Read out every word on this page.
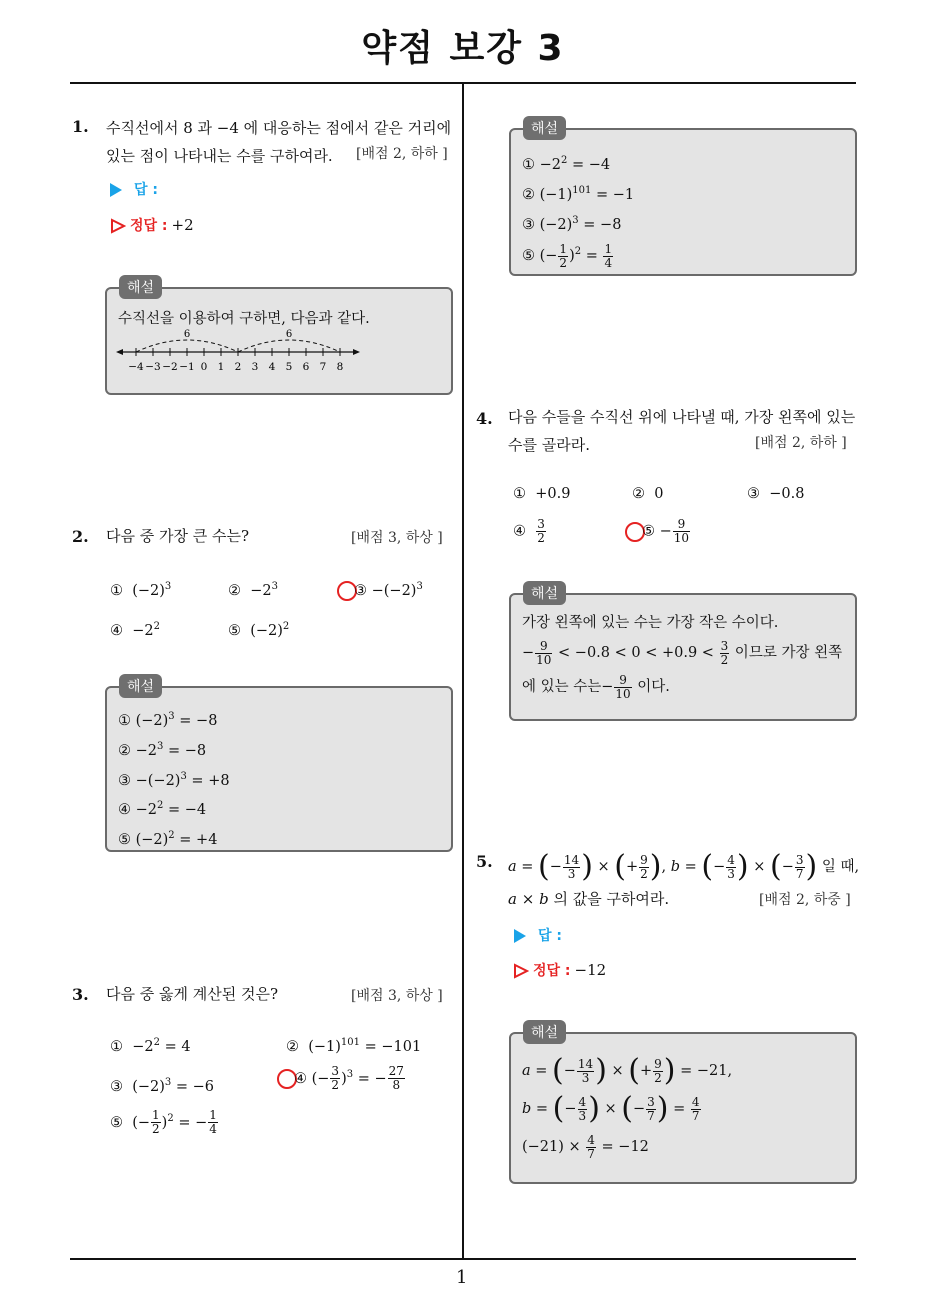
약점 보강 3
1. 수직선에서 8 과 −4 에 대응하는 점에서 같은 거리에
있는 점이 나타내는 수를 구하여라.	[배점 2, 하하 ]
답 :
정답 : +2
해설
수직선을 이용하여 구하면, 다음과 같다.
−4 −3 −2 −1 0 1 2 3 4 5 6 7 8
6	6
2. 다음 중 가장 큰 수는?	[배점 3, 하상 ]
①  $(-2)^3$	②  $-2^3$	③ $-(-2)^3$
④  $-2^2$	⑤  $(-2)^2$
해설
① $(-2)^3 = -8$
② $-2^3 = -8$
③ $-(-2)^3 = +8$
④ $-2^2 = -4$
⑤ $(-2)^2 = +4$
3. 다음 중 옳게 계산된 것은?	[배점 3, 하상 ]
①  $-2^2 = 4$	②  $(-1)^{101} = -101$
③  $(-2)^3 = -6$	④ (− $\frac{3}{2} )^3$ = − $\frac{27}{8}$
⑤  (− $\frac{1}{2} )^2$ = − $\frac{1}{4}$
해설
① $-2^2 = -4$
② $(-1)^{101} = -1$
③ $(-2)^3 = -8$
⑤ (− $\frac{1}{2} )^2 = \frac{1}{4}$
4. 다음 수들을 수직선 위에 나타낼 때, 가장 왼쪽에 있는
수를 골라라.	[배점 2, 하하 ]
①  +0.9	②  0	③  −0.8
④ $\frac{3}{2}$	⑤ − $\frac{9}{10}$
해설
가장 왼쪽에 있는 수는 가장 작은 수이다.
− $\frac{9}{10} < -0.8 < 0 < +0.9 < \frac{3}{2}$ 이므로 가장 왼쪽
에 있는 수는− $\frac{9}{10}$ 이다.
5. a = (− $\frac{14}{3}$ ) × (+ $\frac{9}{2}$ ), b = (− $\frac{4}{3}$ ) × (− $\frac{3}{7}$ ) 일 때,
a × b 의 값을 구하여라.	[배점 2, 하중 ]
답 :
정답 : −12
해설
a = (− $\frac{14}{3}$ ) × (+ $\frac{9}{2}$ ) = −21,
b = (− $\frac{4}{3}$ ) × (− $\frac{3}{7}$ ) = $\frac{4}{7}$
$(-21) \times \frac{4}{7} = -12$
1
